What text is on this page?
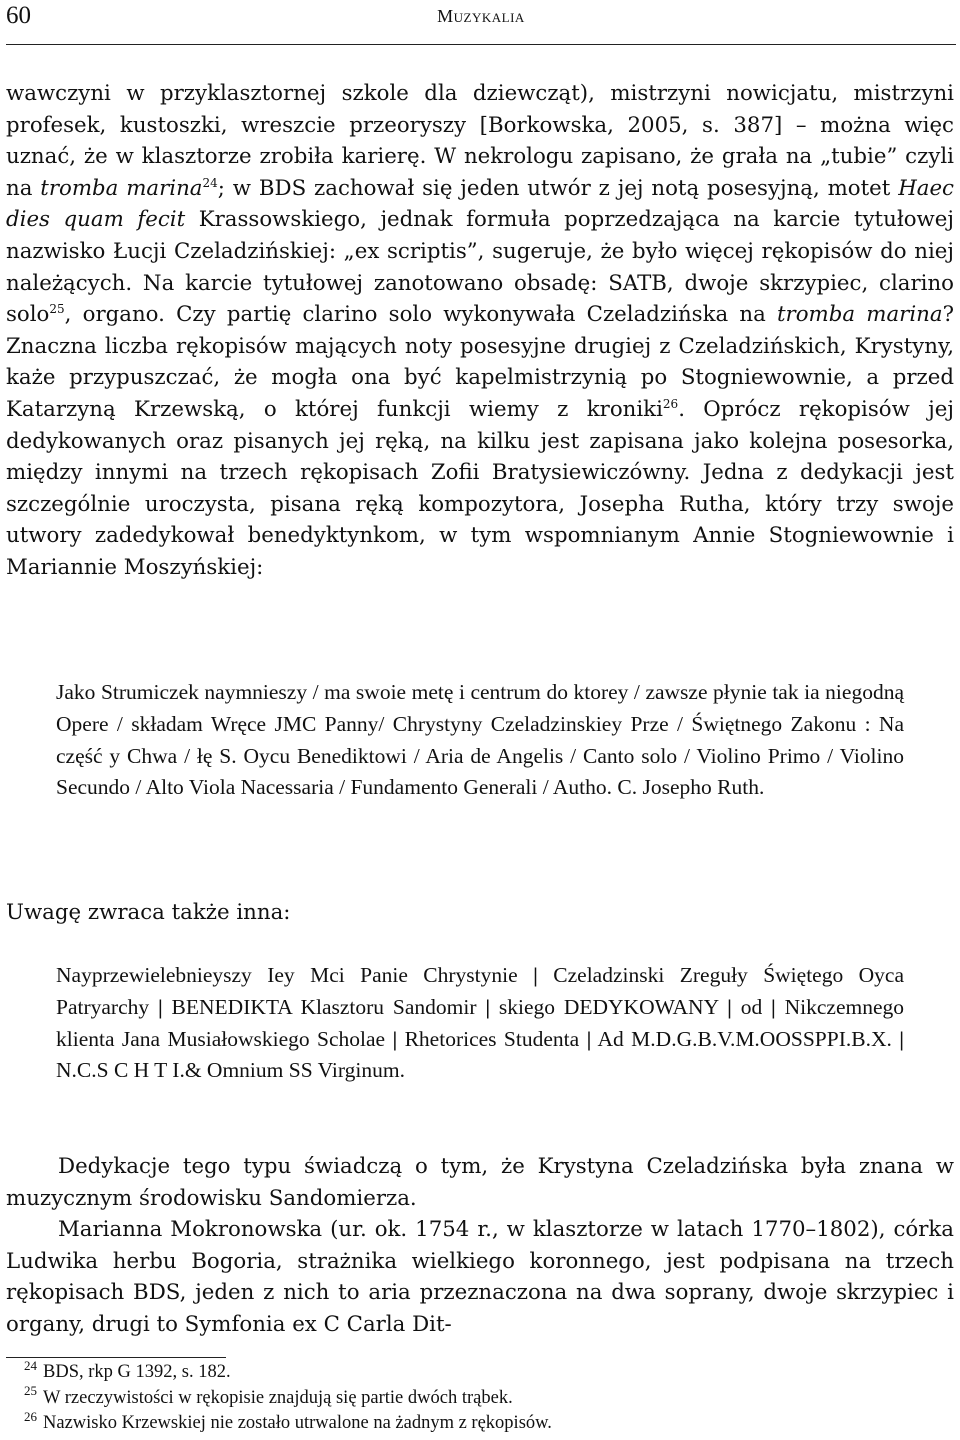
60	Muzykalia
wawczyni w przyklasztornej szkole dla dziewcząt), mistrzyni nowicjatu, mistrzyni profesek, kustoszki, wreszcie przeoryszy [Borkowska, 2005, s. 387] – można więc uznać, że w klasztorze zrobiła karierę. W nekrologu zapisano, że grała na „tubie” czyli na tromba marina$^{24}$; w BDS zachował się jeden utwór z jej notą posesyjną, motet Haec dies quam fecit Krassowskiego, jednak formuła poprzedzająca na karcie tytułowej nazwisko Łucji Czeladzińskiej: „ex scriptis”, sugeruje, że było więcej rękopisów do niej należących. Na karcie tytułowej zanotowano obsadę: SATB, dwoje skrzypiec, clarino solo$^{25}$, organo. Czy partię clarino solo wykonywała Czeladzińska na tromba marina? Znaczna liczba rękopisów mających noty posesyjne drugiej z Czeladzińskich, Krystyny, każe przypuszczać, że mogła ona być kapelmistrzynią po Stogniewownie, a przed Katarzyną Krzewską, o której funkcji wiemy z kroniki$^{26}$. Oprócz rękopisów jej dedykowanych oraz pisanych jej ręką, na kilku jest zapisana jako kolejna posesorka, między innymi na trzech rękopisach Zofii Bratysiewiczówny. Jedna z dedykacji jest szczególnie uroczysta, pisana ręką kompozytora, Josepha Rutha, który trzy swoje utwory zadedykował benedyktynkom, w tym wspomnianym Annie Stogniewownie i Mariannie Moszyńskiej:
Jako Strumiczek naymnieszy / ma swoie metę i centrum do ktorey / zawsze płynie tak ia niegodną Opere / składam Wręce JMC Panny/ Chrystyny Czeladzinskiey Prze / Świętnego Zakonu : Na część y Chwa / łę S. Oycu Benediktowi / Aria de Angelis / Canto solo / Violino Primo / Violino Secundo / Alto Viola Nacessaria / Fundamento Generali / Autho. C. Josepho Ruth.
Uwagę zwraca także inna:
Nayprzewielebnieyszy Iey Mci Panie Chrystynie | Czeladzinski Zreguły Świętego Oyca Patryarchy | BENEDIKTA Klasztoru Sandomir | skiego DEDYKOWANY | od | Nikczemnego klienta Jana Musiałowskiego Scholae | Rhetorices Studenta | Ad M.D.G.B.V.M.OOSSPPI.B.X. | N.C.S C H T I.& Omnium SS Virginum.

Dedykacje tego typu świadczą o tym, że Krystyna Czeladzińska była znana w muzycznym środowisku Sandomierza.

Marianna Mokronowska (ur. ok. 1754 r., w klasztorze w latach 1770–1802), córka Ludwika herbu Bogoria, strażnika wielkiego koronnego, jest podpisana na trzech rękopisach BDS, jeden z nich to aria przeznaczona na dwa soprany, dwoje skrzypiec i organy, drugi to Symfonia ex C Carla Dit-

$^{24}$ BDS, rkp G 1392, s. 182.
$^{25}$ W rzeczywistości w rękopisie znajdują się partie dwóch trąbek.
$^{26}$ Nazwisko Krzewskiej nie zostało utrwalone na żadnym z rękopisów.
